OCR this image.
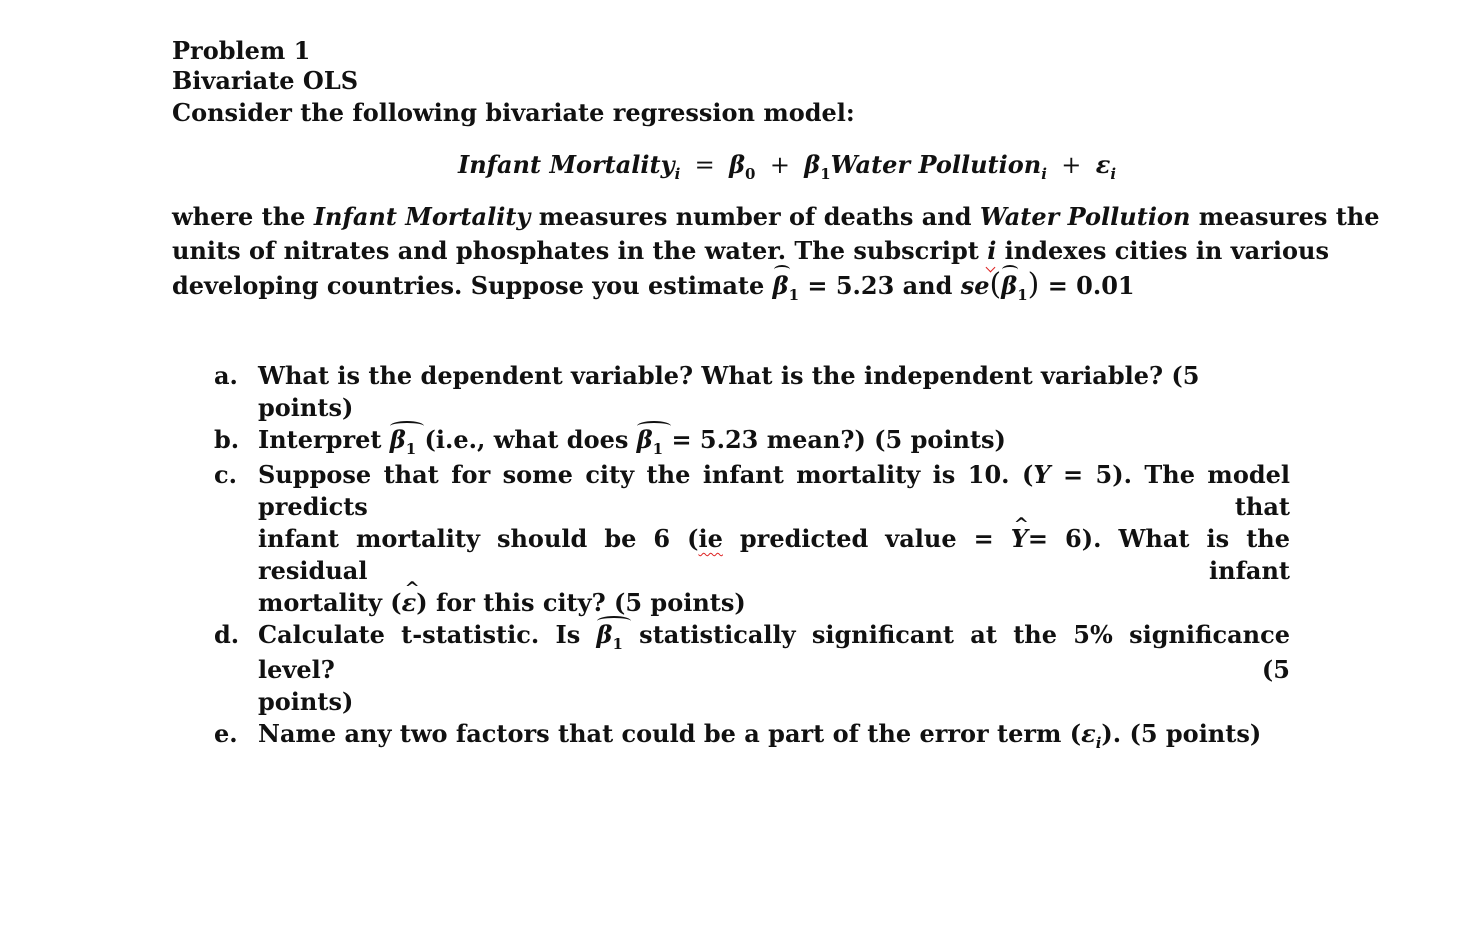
Problem 1
Bivariate OLS
Consider the following bivariate regression model:
Infant Mortality$_i$ = $\beta_0$ + $\beta_1Water$ Pollution$_i$ + $\varepsilon_i$
where the Infant Mortality measures number of deaths and Water Pollution measures the
units of nitrates and phosphates in the water. The subscript i indexes cities in various
developing countries. Suppose you estimate $\beta_1 = 5.23$ and $se(\beta_1) = 0.01$
a. What is the dependent variable? What is the independent variable? (5 points)
b. Interpret $\beta_1$ (i.e., what does $\beta_1 = 5.23$ mean?) (5 points)
c. Suppose that for some city the infant mortality is 10. (Y = 5). The model predicts that
infant mortality should be 6 (ie predicted value = ^ Y= 6). What is the residual infant
mortality (^ ε) for this city? (5 points)
d. Calculate t-statistic. Is $\beta_1$ statistically significant at the 5% significance level? (5
points)
e. Name any two factors that could be a part of the error term $(\varepsilon_i)$. (5 points)
